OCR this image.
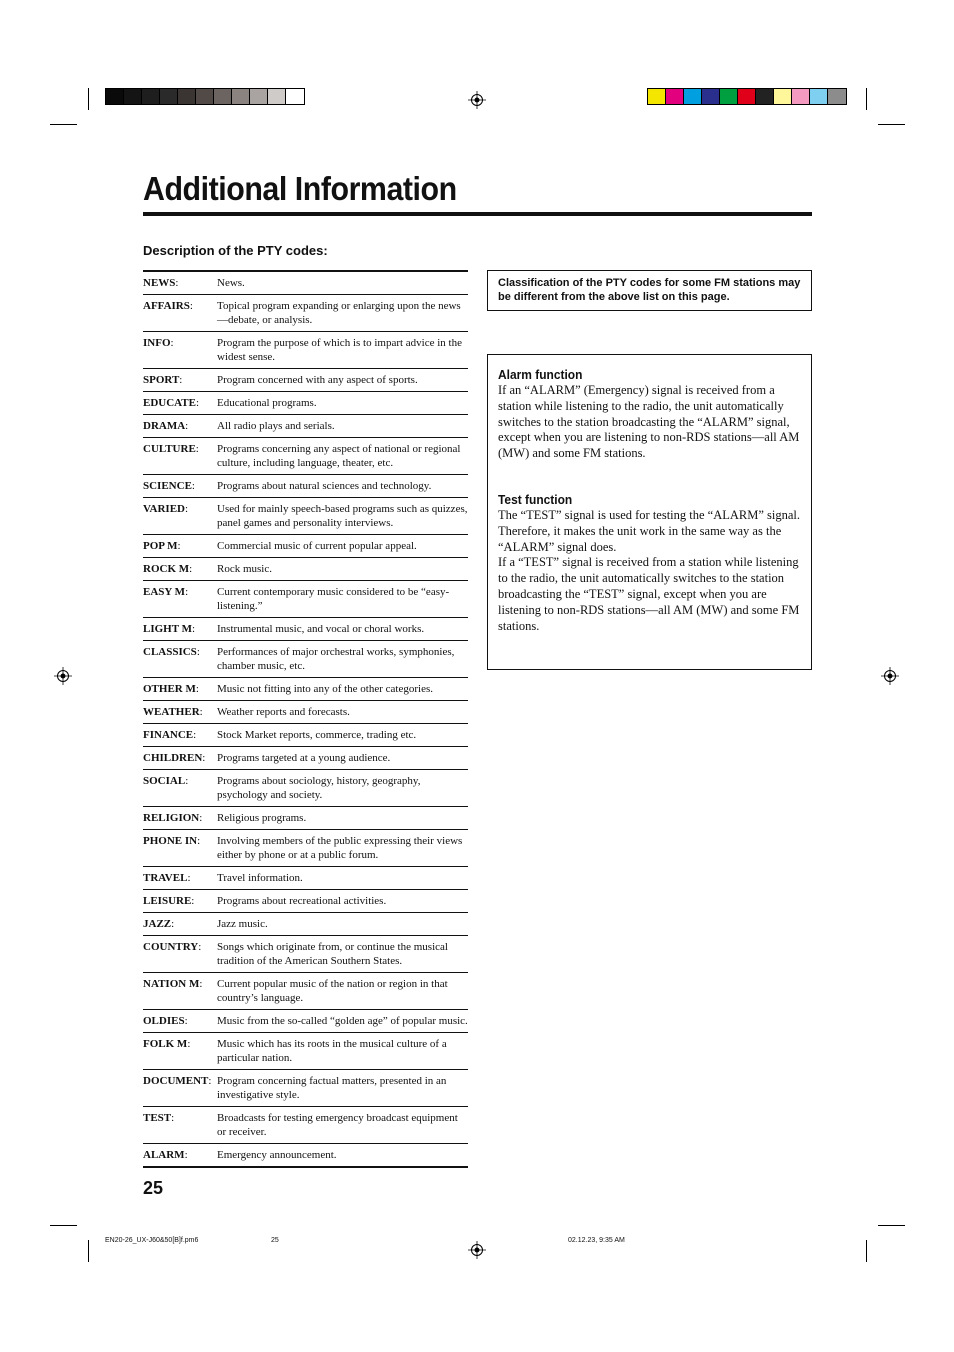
Additional Information
Description of the PTY codes:
NEWS:	News.
AFFAIRS:	Topical program expanding or enlarging upon the news—debate, or analysis.
INFO:	Program the purpose of which is to impart advice in the widest sense.
SPORT:	Program concerned with any aspect of sports.
EDUCATE:	Educational programs.
DRAMA:	All radio plays and serials.
CULTURE:	Programs concerning any aspect of national or regional culture, including language, theater, etc.
SCIENCE:	Programs about natural sciences and technology.
VARIED:	Used for mainly speech-based programs such as quizzes, panel games and personality interviews.
POP M:	Commercial music of current popular appeal.
ROCK M:	Rock music.
EASY M:	Current contemporary music considered to be “easy-listening.”
LIGHT M:	Instrumental music, and vocal or choral works.
CLASSICS:	Performances of major orchestral works, symphonies, chamber music, etc.
OTHER M:	Music not fitting into any of the other categories.
WEATHER:	Weather reports and forecasts.
FINANCE:	Stock Market reports, commerce, trading etc.
CHILDREN:	Programs targeted at a young audience.
SOCIAL:	Programs about sociology, history, geography, psychology and society.
RELIGION:	Religious programs.
PHONE IN:	Involving members of the public expressing their views either by phone or at a public forum.
TRAVEL:	Travel information.
LEISURE:	Programs about recreational activities.
JAZZ:	Jazz music.
COUNTRY:	Songs which originate from, or continue the musical tradition of the American Southern States.
NATION M:	Current popular music of the nation or region in that country’s language.
OLDIES:	Music from the so-called “golden age” of popular music.
FOLK M:	Music which has its roots in the musical culture of a particular nation.
DOCUMENT: Program concerning factual matters, presented in an investigative style.
TEST:	Broadcasts for testing emergency broadcast equipment or receiver.
ALARM:	Emergency announcement.
Classification of the PTY codes for some FM stations may be different from the above list on this page.
Alarm function

If an “ALARM” (Emergency) signal is received from a station while listening to the radio, the unit automatically switches to the station broadcasting the “ALARM” signal, except when you are listening to non-RDS stations—all AM (MW) and some FM stations.

Test function

The “TEST” signal is used for testing the “ALARM” signal.

Therefore, it makes the unit work in the same way as the “ALARM” signal does.

If a “TEST” signal is received from a station while listening to the radio, the unit automatically switches to the station broadcasting the “TEST” signal, except when you are listening to non-RDS stations—all AM (MW) and some FM stations.

25
EN20-26_UX-J60&50[B]f.pm6	25	02.12.23, 9:35 AM
